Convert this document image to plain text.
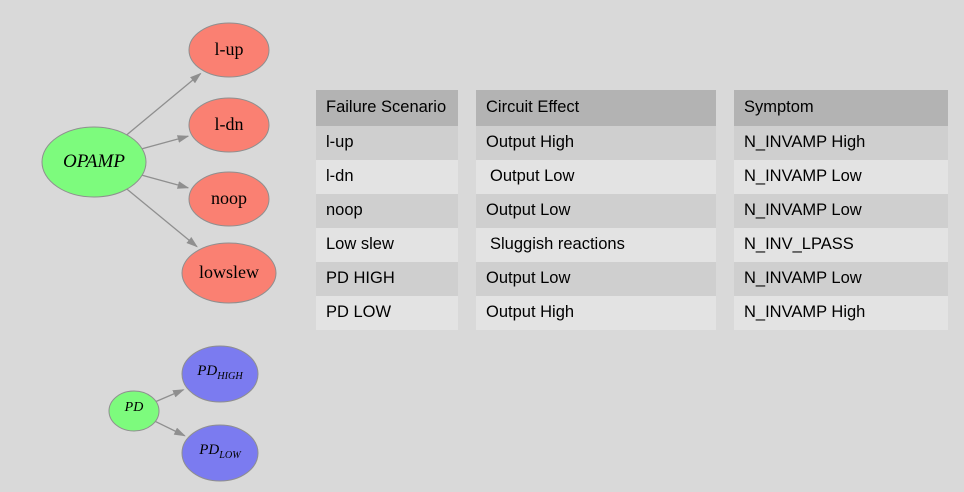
OPAMP
l-up
l-dn
noop
lowslew
PD
$PD_{HIGH}$
$PD_{LOW}$
Failure Scenario		Circuit Effect		Symptom
l-up		Output High		N_INVAMP High
l-dn		Output Low		N_INVAMP Low
noop		Output Low		N_INVAMP Low
Low slew		Sluggish reactions		N_INV_LPASS
PD HIGH		Output Low		N_INVAMP Low
PD LOW		Output High		N_INVAMP High
